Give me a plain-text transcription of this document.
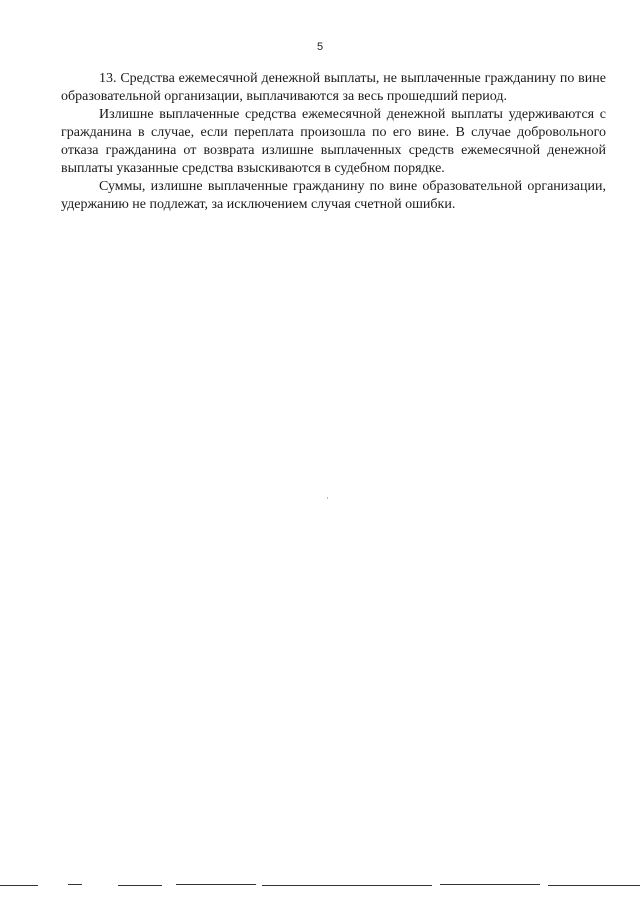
5

13. Средства ежемесячной денежной выплаты, не выплаченные гражданину по вине образовательной организации, выплачиваются за весь прошедший период.

Излишне выплаченные средства ежемесячной денежной выплаты удерживаются с гражданина в случае, если переплата произошла по его вине. В случае добровольного отказа гражданина от возврата излишне выплаченных средств ежемесячной денежной выплаты указанные средства взыскиваются в судебном порядке.

Суммы, излишне выплаченные гражданину по вине образовательной организации, удержанию не подлежат, за исключением случая счетной ошибки.
